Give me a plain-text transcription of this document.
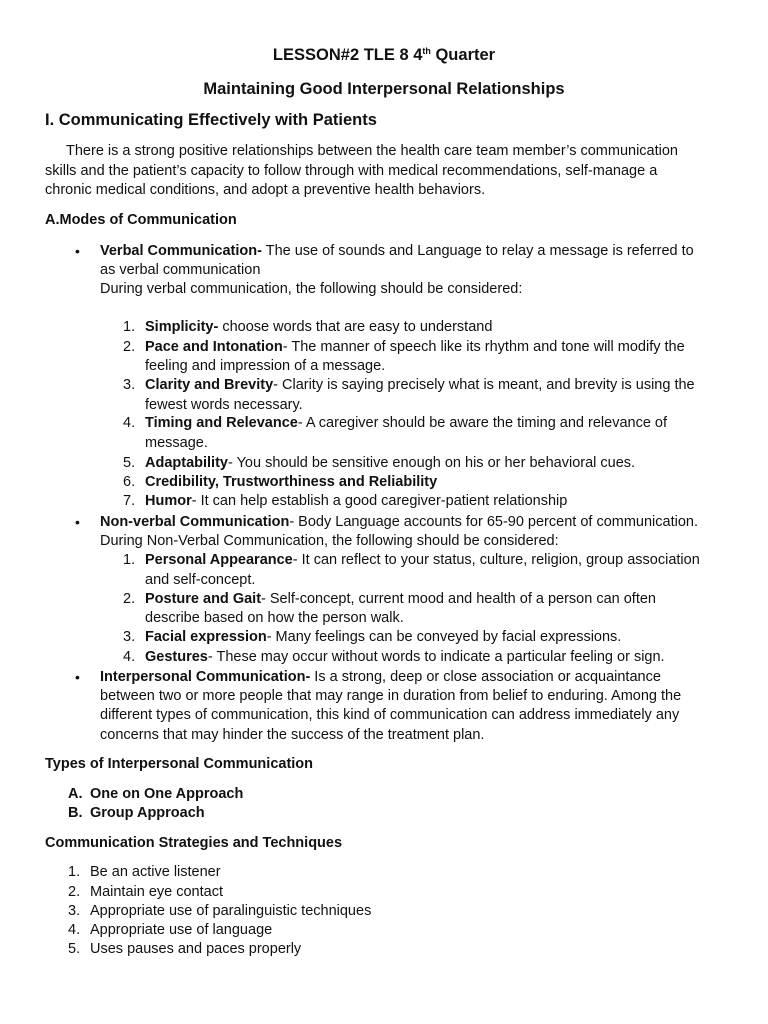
LESSON#2 TLE 8 4th Quarter
Maintaining Good Interpersonal Relationships
I. Communicating Effectively with Patients
There is a strong positive relationships between the health care team member’s communication
skills and the patient’s capacity to follow through with medical recommendations, self-manage a
chronic medical conditions, and adopt a preventive health behaviors.
A.Modes of Communication
• Verbal Communication- The use of sounds and Language to relay a message is referred to
as verbal communication
During verbal communication, the following should be considered:
1. Simplicity- choose words that are easy to understand
2. Pace and Intonation- The manner of speech like its rhythm and tone will modify the
feeling and impression of a message.
3. Clarity and Brevity- Clarity is saying precisely what is meant, and brevity is using the
fewest words necessary.
4. Timing and Relevance- A caregiver should be aware the timing and relevance of
message.
5. Adaptability- You should be sensitive enough on his or her behavioral cues.
6. Credibility, Trustworthiness and Reliability
7. Humor- It can help establish a good caregiver-patient relationship
• Non-verbal Communication- Body Language accounts for 65-90 percent of communication.
During Non-Verbal Communication, the following should be considered:
1. Personal Appearance- It can reflect to your status, culture, religion, group association
and self-concept.
2. Posture and Gait- Self-concept, current mood and health of a person can often
describe based on how the person walk.
3. Facial expression- Many feelings can be conveyed by facial expressions.
4. Gestures- These may occur without words to indicate a particular feeling or sign.
• Interpersonal Communication- Is a strong, deep or close association or acquaintance
between two or more people that may range in duration from belief to enduring. Among the
different types of communication, this kind of communication can address immediately any
concerns that may hinder the success of the treatment plan.
Types of Interpersonal Communication
A. One on One Approach
B. Group Approach
Communication Strategies and Techniques
1. Be an active listener
2. Maintain eye contact
3. Appropriate use of paralinguistic techniques
4. Appropriate use of language
5. Uses pauses and paces properly
